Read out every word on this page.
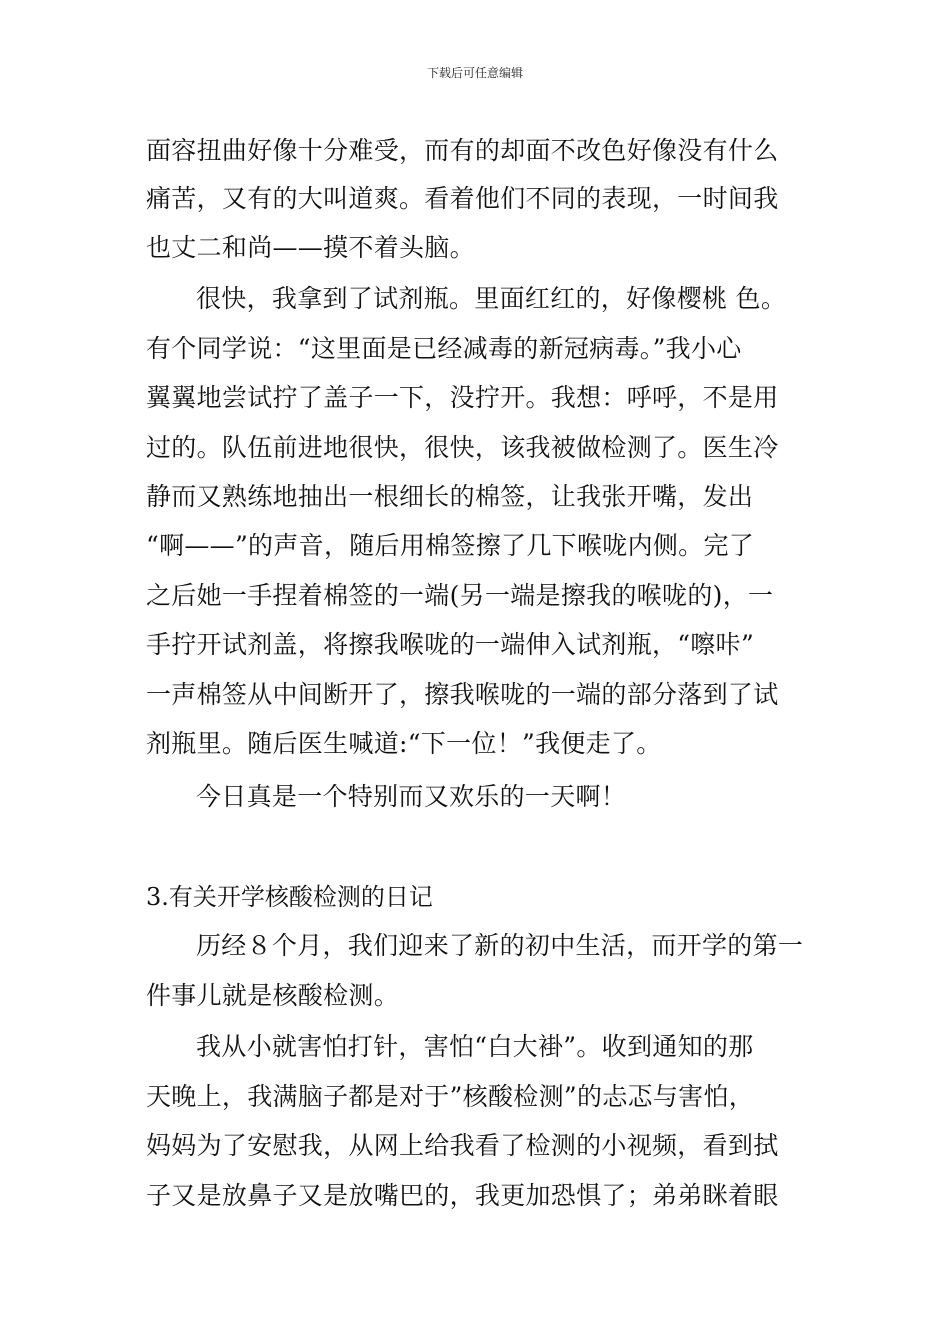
下载后可任意编辑
面容扭曲好像十分难受，而有的却面不改色好像没有什么
痛苦，又有的大叫道爽。看着他们不同的表现，一时间我
也丈二和尚——摸不着头脑。
很快，我拿到了试剂瓶。里面红红的，好像樱桃 色。
有个同学说：“这里面是已经减毒的新冠病毒。”我小心
翼翼地尝试拧了盖子一下，没拧开。我想：呼呼，不是用
过的。队伍前进地很快，很快，该我被做检测了。医生冷
静而又熟练地抽出一根细长的棉签，让我张开嘴，发出
“啊——”的声音，随后用棉签擦了几下喉咙内侧。完了
之后她一手捏着棉签的一端(另一端是擦我的喉咙的)，一
手拧开试剂盖，将擦我喉咙的一端伸入试剂瓶，“嚓咔”
一声棉签从中间断开了，擦我喉咙的一端的部分落到了试
剂瓶里。随后医生喊道:“下一位！”我便走了。
今日真是一个特别而又欢乐的一天啊！
3.有关开学核酸检测的日记
历经８个月，我们迎来了新的初中生活，而开学的第一
件事儿就是核酸检测。
我从小就害怕打针，害怕“白大褂”。收到通知的那
天晚上，我满脑子都是对于”核酸检测”的忐忑与害怕，
妈妈为了安慰我，从网上给我看了检测的小视频，看到拭
子又是放鼻子又是放嘴巴的，我更加恐惧了；弟弟眯着眼
